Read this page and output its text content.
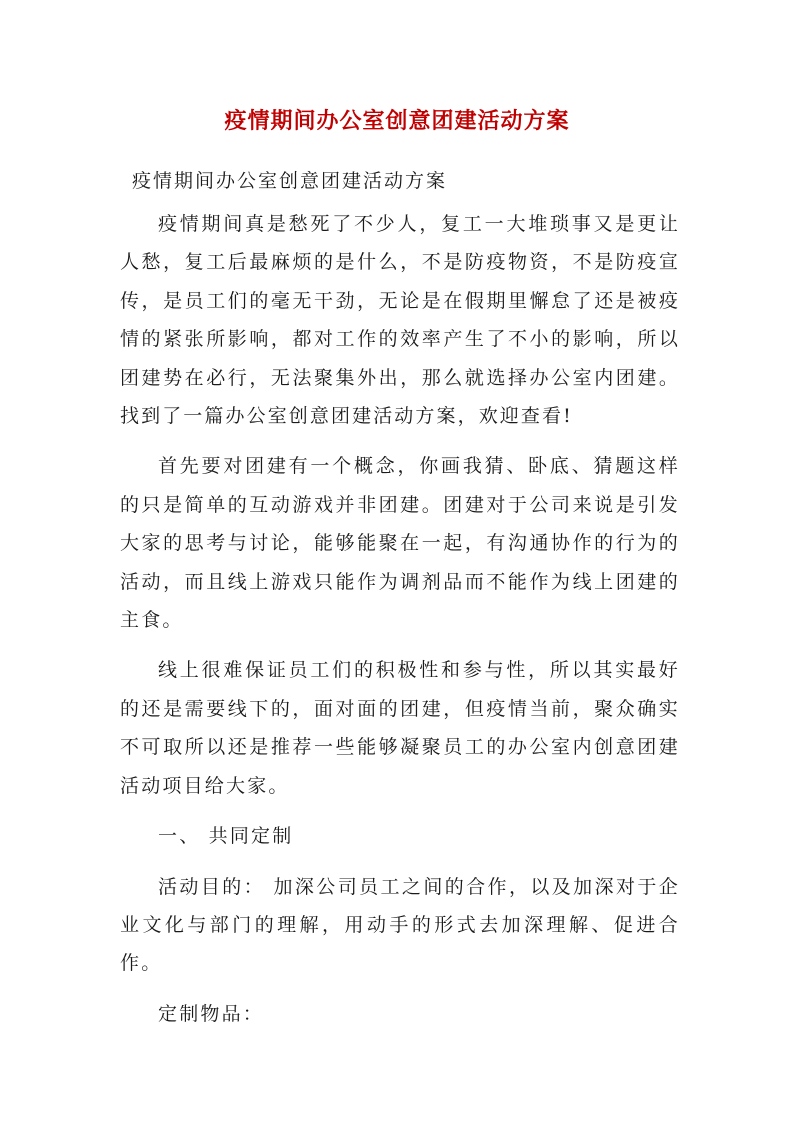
疫情期间办公室创意团建活动方案

疫情期间办公室创意团建活动方案

疫情期间真是愁死了不少人，复工一大堆琐事又是更让人愁，复工后最麻烦的是什么，不是防疫物资，不是防疫宣传，是员工们的毫无干劲，无论是在假期里懈怠了还是被疫情的紧张所影响，都对工作的效率产生了不小的影响，所以团建势在必行，无法聚集外出，那么就选择办公室内团建。找到了一篇办公室创意团建活动方案，欢迎查看!

首先要对团建有一个概念，你画我猜、卧底、猜题这样的只是简单的互动游戏并非团建。团建对于公司来说是引发大家的思考与讨论，能够能聚在一起，有沟通协作的行为的活动，而且线上游戏只能作为调剂品而不能作为线上团建的主食。

线上很难保证员工们的积极性和参与性，所以其实最好的还是需要线下的，面对面的团建，但疫情当前，聚众确实不可取所以还是推荐一些能够凝聚员工的办公室内创意团建活动项目给大家。

一、 共同定制

活动目的： 加深公司员工之间的合作，以及加深对于企业文化与部门的理解，用动手的形式去加深理解、促进合作。

定制物品：
